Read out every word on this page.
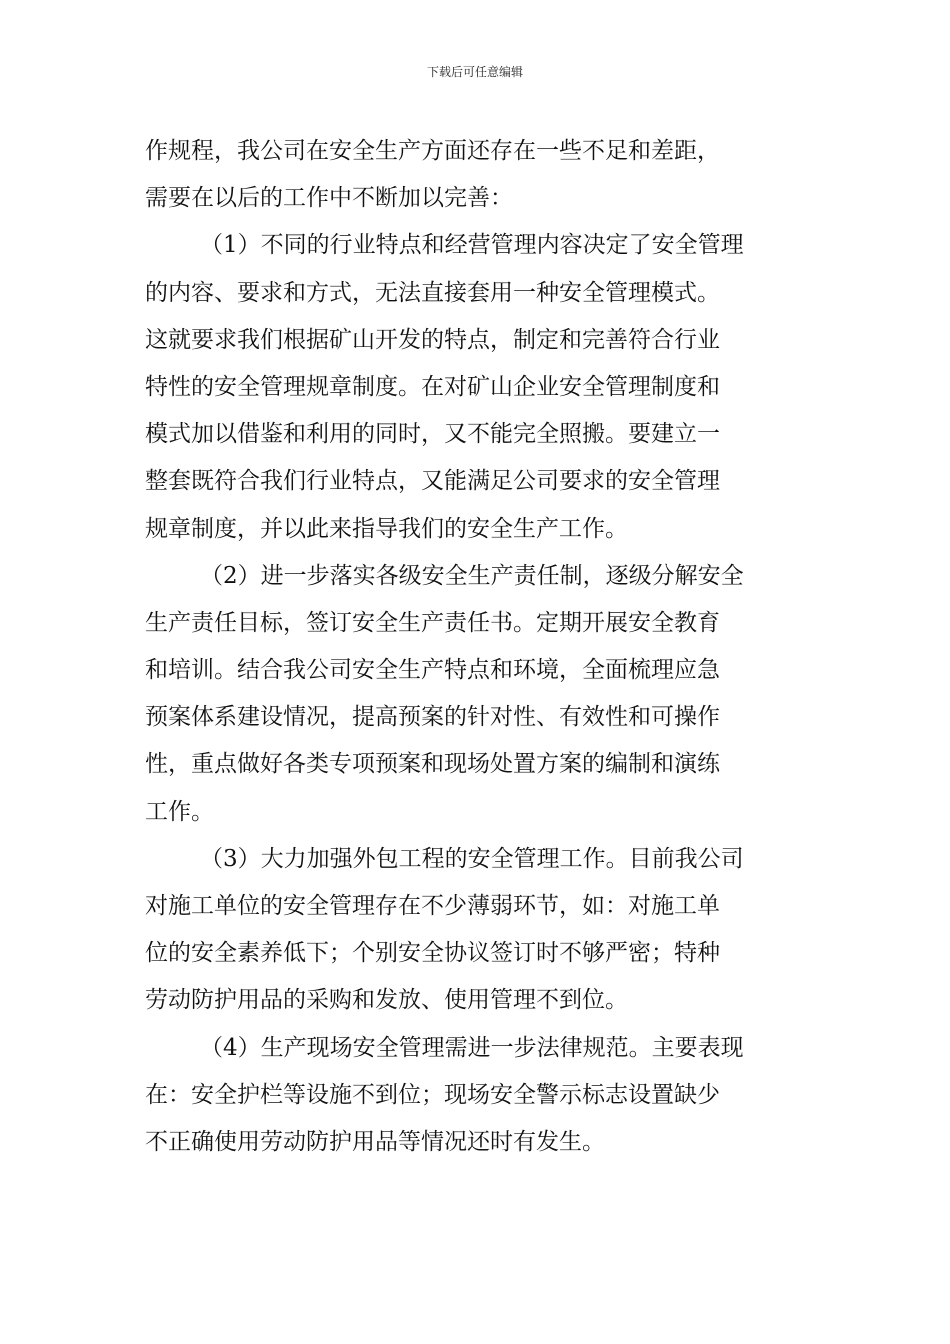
下载后可任意编辑
作规程，我公司在安全生产方面还存在一些不足和差距，
需要在以后的工作中不断加以完善：
（1）不同的行业特点和经营管理内容决定了安全管理
的内容、要求和方式，无法直接套用一种安全管理模式。
这就要求我们根据矿山开发的特点，制定和完善符合行业
特性的安全管理规章制度。在对矿山企业安全管理制度和
模式加以借鉴和利用的同时，又不能完全照搬。要建立一
整套既符合我们行业特点，又能满足公司要求的安全管理
规章制度，并以此来指导我们的安全生产工作。
（2）进一步落实各级安全生产责任制，逐级分解安全
生产责任目标，签订安全生产责任书。定期开展安全教育
和培训。结合我公司安全生产特点和环境，全面梳理应急
预案体系建设情况，提高预案的针对性、有效性和可操作
性，重点做好各类专项预案和现场处置方案的编制和演练
工作。
（3）大力加强外包工程的安全管理工作。目前我公司
对施工单位的安全管理存在不少薄弱环节，如：对施工单
位的安全素养低下；个别安全协议签订时不够严密；特种
劳动防护用品的采购和发放、使用管理不到位。
（4）生产现场安全管理需进一步法律规范。主要表现
在：安全护栏等设施不到位；现场安全警示标志设置缺少
不正确使用劳动防护用品等情况还时有发生。
